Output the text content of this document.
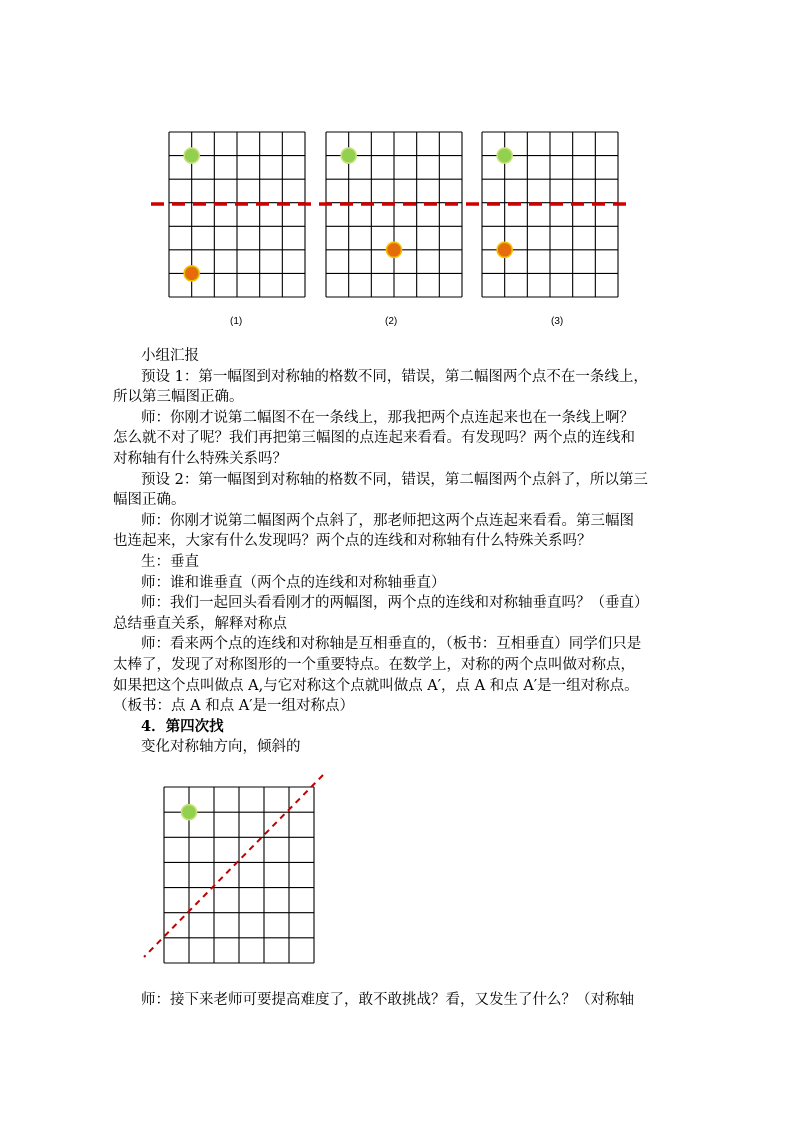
(1)	(2)	(3)

小组汇报

预设 1：第一幅图到对称轴的格数不同，错误，第二幅图两个点不在一条线上，

所以第三幅图正确。

师：你刚才说第二幅图不在一条线上，那我把两个点连起来也在一条线上啊？

怎么就不对了呢？我们再把第三幅图的点连起来看看。有发现吗？两个点的连线和

对称轴有什么特殊关系吗？

预设 2：第一幅图到对称轴的格数不同，错误，第二幅图两个点斜了，所以第三

幅图正确。

师：你刚才说第二幅图两个点斜了，那老师把这两个点连起来看看。第三幅图

也连起来，大家有什么发现吗？两个点的连线和对称轴有什么特殊关系吗？

生：垂直

师：谁和谁垂直（两个点的连线和对称轴垂直）

师：我们一起回头看看刚才的两幅图，两个点的连线和对称轴垂直吗？（垂直）

总结垂直关系，解释对称点

师：看来两个点的连线和对称轴是互相垂直的，（板书：互相垂直）同学们只是

太棒了，发现了对称图形的一个重要特点。在数学上，对称的两个点叫做对称点，

如果把这个点叫做点 A,与它对称这个点就叫做点 A′，点 A 和点 A′是一组对称点。

（板书：点 A 和点 A′是一组对称点）

4．第四次找

变化对称轴方向，倾斜的

师：接下来老师可要提高难度了，敢不敢挑战？看，又发生了什么？（对称轴
